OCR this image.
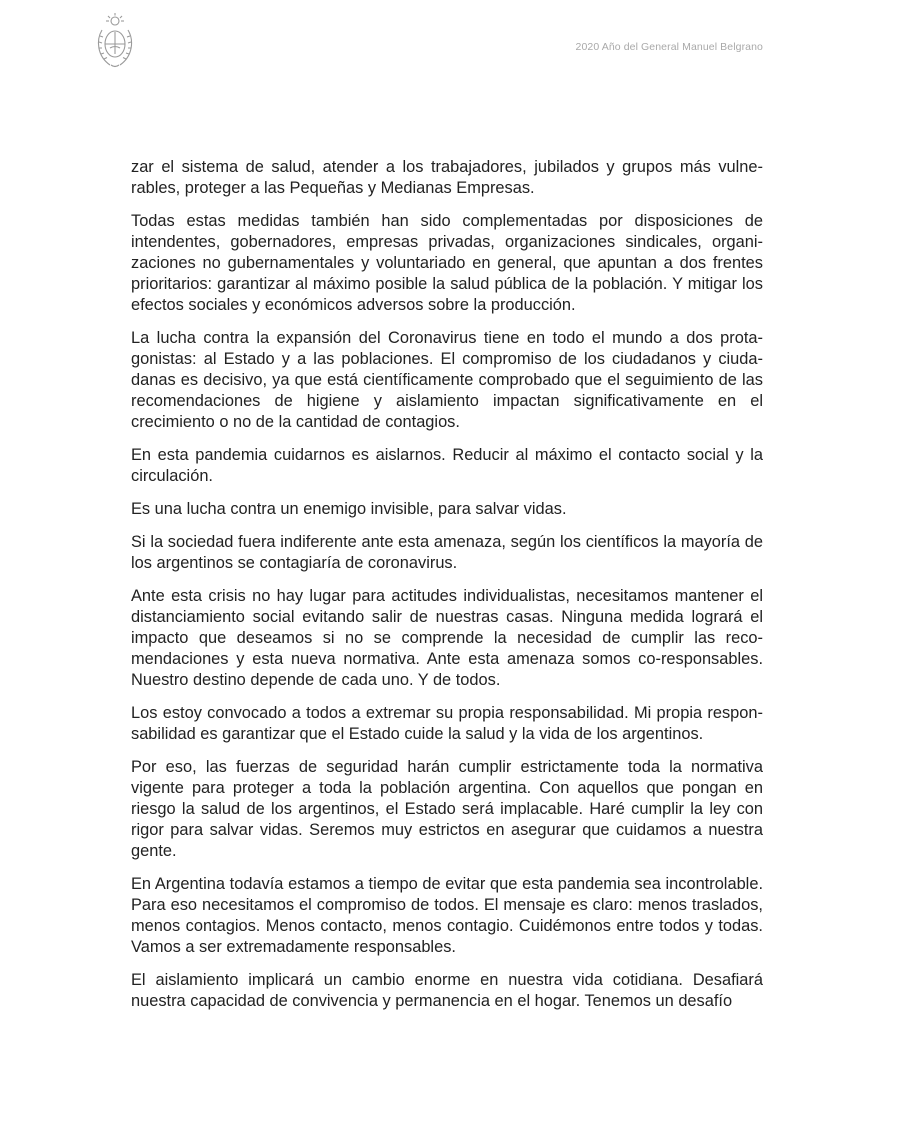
2020 Año del General Manuel Belgrano

zar el sistema de salud, atender a los trabajadores, jubilados y grupos más vulnerables, proteger a las Pequeñas y Medianas Empresas.

Todas estas medidas también han sido complementadas por disposiciones de intendentes, gobernadores, empresas privadas, organizaciones sindicales, organizaciones no gubernamentales y voluntariado en general, que apuntan a dos frentes prioritarios: garantizar al máximo posible la salud pública de la población. Y mitigar los efectos sociales y económicos adversos sobre la producción.

La lucha contra la expansión del Coronavirus tiene en todo el mundo a dos protagonistas: al Estado y a las poblaciones. El compromiso de los ciudadanos y ciudadanas es decisivo, ya que está científicamente comprobado que el seguimiento de las recomendaciones de higiene y aislamiento impactan significativamente en el crecimiento o no de la cantidad de contagios.

En esta pandemia cuidarnos es aislarnos. Reducir al máximo el contacto social y la circulación.

Es una lucha contra un enemigo invisible, para salvar vidas.

Si la sociedad fuera indiferente ante esta amenaza, según los científicos la mayoría de los argentinos se contagiaría de coronavirus.

Ante esta crisis no hay lugar para actitudes individualistas, necesitamos mantener el distanciamiento social evitando salir de nuestras casas. Ninguna medida logrará el impacto que deseamos si no se comprende la necesidad de cumplir las recomendaciones y esta nueva normativa. Ante esta amenaza somos co-responsables. Nuestro destino depende de cada uno. Y de todos.

Los estoy convocado a todos a extremar su propia responsabilidad. Mi propia responsabilidad es garantizar que el Estado cuide la salud y la vida de los argentinos.

Por eso, las fuerzas de seguridad harán cumplir estrictamente toda la normativa vigente para proteger a toda la población argentina. Con aquellos que pongan en riesgo la salud de los argentinos, el Estado será implacable. Haré cumplir la ley con rigor para salvar vidas. Seremos muy estrictos en asegurar que cuidamos a nuestra gente.

En Argentina todavía estamos a tiempo de evitar que esta pandemia sea incontrolable. Para eso necesitamos el compromiso de todos. El mensaje es claro: menos traslados, menos contagios. Menos contacto, menos contagio. Cuidémonos entre todos y todas. Vamos a ser extremadamente responsables.

El aislamiento implicará un cambio enorme en nuestra vida cotidiana. Desafiará nuestra capacidad de convivencia y permanencia en el hogar. Tenemos un desafío
